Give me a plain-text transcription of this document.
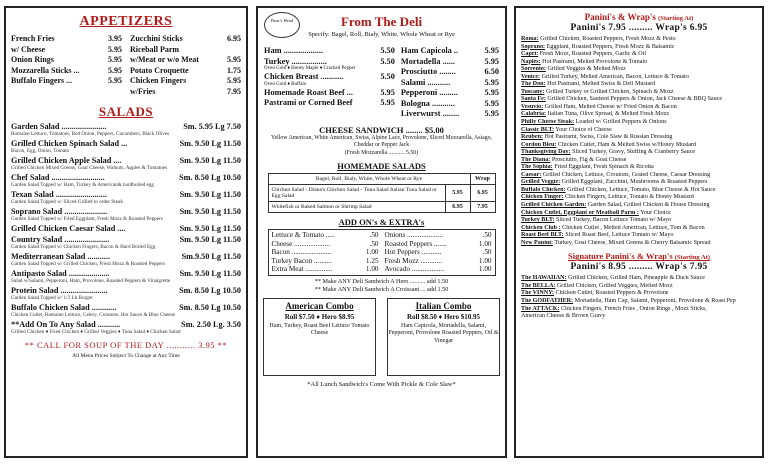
APPETIZERS
French Fries	3.95
w/ Cheese	5.95
Onion Rings	5.95
Mozzarella Sticks ...	5.95
Buffalo Fingers ...	5.95
Zucchini Sticks	6.95
Riceball Parm
w/Meat or w/o Meat	5.95
Potato Croquette	1.75
Chicken Fingers	5.95
w/Fries	7.95
SALADS
Garden Salad ......................	Sm. 5.95 Lg 7.50
Romaine Lettuce, Tomatoes, Red Onion, Peppers, Cucumbers, Black Olives
Grilled Chicken Spinach Salad ...	Sm. 9.50 Lg 11.50
Bacon, Egg, Onion, Tomato
Grilled Chicken Apple Salad ....	Sm. 9.50 Lg 11.50
Grilled Chicken Mixed Greens, Goat Cheese, Walnuts, Apples & Tomatoes
Chef Salad ..........................	Sm. 8.50 Lg 10.50
Garden Salad Topped w/ Ham, Turkey & American& hardboiled egg
Texan Salad .........................	Sm. 9.50 Lg 11.50
Garden Salad Topped w/ Sliced Grilled to order Steak
Soprano Salad .....................	Sm. 9.50 Lg 11.50
Garden Salad Topped w/ Fried Eggplant, Fresh Mozz & Roasted Peppers
Grilled Chicken Caesar Salad ....	Sm. 9.50 Lg 11.50
Country Salad ......................	Sm. 9.50 Lg 11.50
Garden Salad Topped w/ Chicken Fingers, Bacon & Hard Boiled Egg
Mediterranean Salad ...........	Sm.9.50 Lg 11.50
Garden Salad Topped w/ Grilled Chicken, Fresh Mozz & Roasted Peppers
Antipasto Salad ....................	Sm. 9.50 Lg 11.50
Salad w/Salami, Pepperoni, Ham, Provolone, Roasted Peppers & Vinaigrette
Protein Salad .......................	Sm. 8.50 Lg 10.50
Garden Salad Topped w/ 1/3 Lb Burger
Buffalo Chicken Salad ............	Sm. 8.50 Lg 10.50
Chicken Cutlet, Romaine Lettuce, Celery, Croutons, Hot Sauce & Blue Cheese
**Add On To Any Salad ...........	Sm. 2.50 Lg. 3.50
Grilled Chicken ♦ Fried Chicken ♦ Grilled Veggies ♦ Tuna Salad ♦ Chicken Salad
** CALL FOR SOUP OF THE DAY ........... 3.95 **
All Menu Prices Subject To Change at Any Time
Boar's Head	From The Deli
Specify: Bagel, Roll, Bialy, White, Whole Wheat or Rye
Ham ...................	5.50
Turkey .................	5.50
Oven Gold ♦ Honey Maple ♦ Cracked Pepper
Chicken Breast ...........	5.50
Oven Gold ♦ Buffalo
Homemade Roast Beef ...	5.95
Pastrami or Corned Beef	5.95
Ham Capicola ..	5.95
Mortadella ......	5.95
Prosciutto ........	6.50
Salami ...........	5.95
Pepperoni .........	5.95
Bologna ...........	5.95
Liverwurst ........	5.95
CHEESE SANDWICH ........ $5.00
Yellow American, White American, Swiss, Alpine Lace, Provolone, Sliced Mozzarella, Asiago, Cheddar or Pepper Jack
(Fresh Mozzarella ........... 5.50)
HOMEMADE SALADS
Bagel, Roll, Bialy, White, Whole Wheat or Rye		Wrap
Chicken Salad - Diana's Chicken Salad - Tuna Salad Italian Tuna Salad or Egg Salad	5.95	6.95
Whitefish or Baked Salmon or Shrimp Salad	6.95	7.95
ADD ON's & EXTRA's
Lettuce & Tomato .....	.50
Cheese ....................	.50
Bacon ......................	1.00
Turkey Bacon ..........	1.25
Extra Meat ...............	1.00
Onions ....................	.50
Roasted Peppers .......	1.00
Hot Peppers ...........	.50
Fresh Mozz ............	1.00
Avocado ..................	1.00
** Make ANY Deli Sandwich A Hero .......... add 1.50
** Make ANY Deli Sandwich A Croissant ... add 1.50
American Combo
Roll $7.50 ♦ Hero $8.95
Ham, Turkey, Roast Beef Lettuce Tomato Cheese
Italian Combo
Roll $8.50 ♦ Hero $10.95
Ham Capicola, Mortadella, Salami, Pepperoni, Provolone Roasted Peppers, Oil & Vinegar
*All Lunch Sandwich's Come With Pickle & Cole Slaw*
Panini's & Wrap's (Starting At)
Panini's 7.95 ......... Wrap's 6.95
Roma: Grilled Chicken, Roasted Peppers, Fresh Mozz & Pesto
Soprano: Eggplant, Roasted Peppers, Fresh Mozz & Balsamic
Capri: Fresh Mozz, Roasted Peppers, Garlic & Oil
Naples: Hot Pastrami, Melted Provolone & Tomato
Sorrento: Grilled Veggies & Melted Mozz
Venice: Grilled Turkey, Melted American, Bacon, Lettuce & Tomato
The Don: Hot Pastrami, Melted Swiss & Deli Mustard
Tuscany: Grilled Turkey or Grilled Chicken, Spinach & Mozz
Santa Fe: Grilled Chicken, Sauteed Peppers & Onion, Jack Cheese & BBQ Sauce
Vesuvio: Grilled Ham, Melted Cheese w/ Fried Onion & Bacon
Calabria: Italian Tuna, Olive Spread, & Melted Fresh Mozz
Philly Cheese Steak: Loaded w/ Grilled Peppers & Onions
Classic BLT: Your Choice of Cheese
Reuben: Hot Pastrami, Swiss, Cole Slaw & Russian Dressing
Cordon Bleu: Chicken Cutlet, Ham & Melted Swiss w/Honey Mustard
Thanksgiving Day: Sliced Turkey, Gravy, Stuffing & Cranberry Sauce
The Diana: Prosciutto, Fig & Goat Cheese
The Sophia: Fried Eggplant, Fresh Spinach & Ricotta
Caesar: Grilled Chicken, Lettuce, Croutons, Grated Cheese, Caesar Dressing
Grilled Veggie: Grilled Eggplant, Zucchini, Mushrooms & Roasted Peppers
Buffalo Chicken: Grilled Chicken, Lettuce, Tomato, Blue Cheese & Hot Sauce
Chicken Finger: Chicken Fingers, Lettuce, Tomato & Honey Mustard
Grilled Chicken Garden: Garden Salad, Grilled Chicken & House Dressing
Chicken Cutlet, Eggplant or Meatball Parm : Your Choice
Turkey BLT: Sliced Turkey, Bacon Lettuce Tomato w/ Mayo
Chicken Club : Chicken Cutlet , Melted American, Lettuce, Tom & Bacon
Roast Beef BLT: Sliced Roast Beef, Lettuce Tomato w/ Mayo
New Panini: Turkey, Goat Cheese, Mixed Greens & Cherry Balsamic Spread
Signature Panini's & Wrap's (Starting At)
Panini's 8.95 ......... Wrap's 7.95
The HAWAIIAN: Grilled Chicken, Grilled Ham, Pineapple & Duck Sauce
The BELLA: Grilled Chicken, Grilled Veggies, Melted Mozz
The VINNY: Chicken Cutlet, Roasted Peppers & Provolone
The GODFATHER: Mortadella, Ham Cap, Salami, Pepperoni, Provolone & Roast Pep
The ATTACK: Chicken Fingers, French Fries , Onion Rings , Mozz Sticks,
American Cheese & Brown Gravy
